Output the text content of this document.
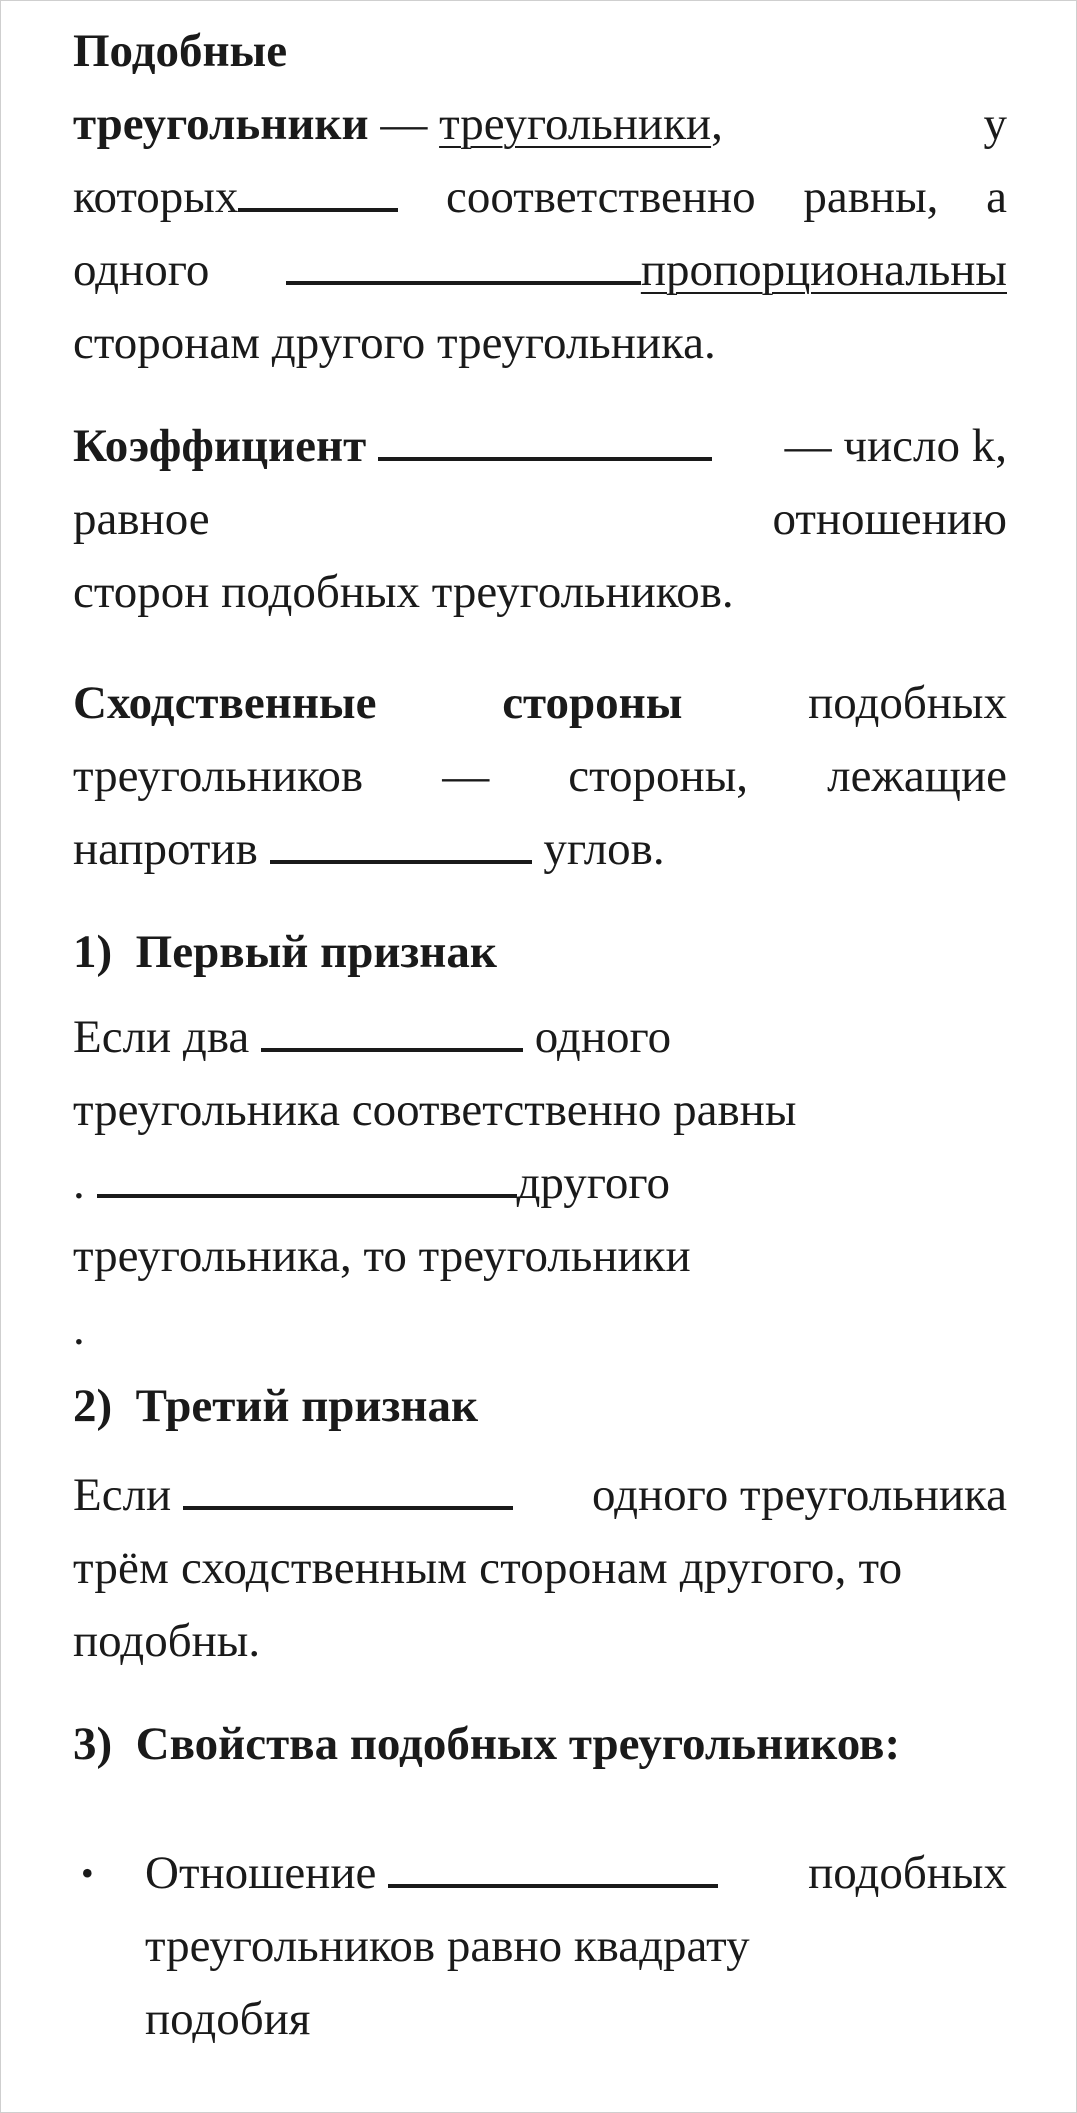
Подобные
треугольники — треугольники,	у
которых	соответственно равны, а
одного	пропорциональны
сторонам другого треугольника.
Коэффициент	— число k,
равное	отношению
сторон подобных треугольников.
Сходственные	стороны	подобных
треугольников — стороны, лежащие
напротив	углов.
1) Первый признак
Если два	одного
треугольника соответственно равны
.	другого
треугольника, то треугольники
.
2) Третий признак
Если	одного треугольника
трём сходственным сторонам другого, то
подобны.
3) Свойства подобных треугольников:
• Отношение	подобных
треугольников равно квадрату
подобия
